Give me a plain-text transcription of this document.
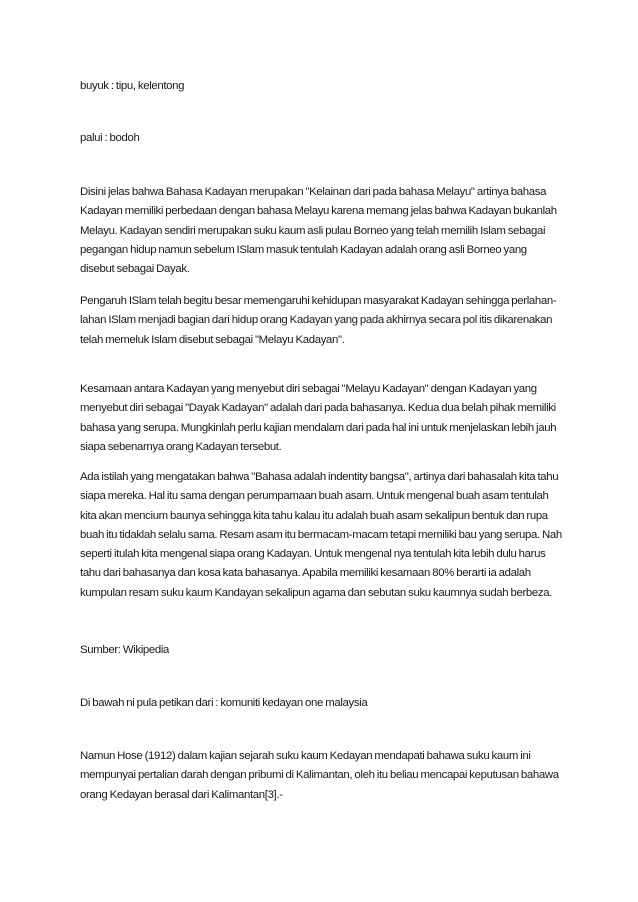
buyuk : tipu, kelentong

palui : bodoh

Disini jelas bahwa Bahasa Kadayan merupakan "Kelainan dari pada bahasa Melayu" artinya bahasa Kadayan memiliki perbedaan dengan bahasa Melayu karena memang jelas bahwa Kadayan bukanlah Melayu. Kadayan sendiri merupakan suku kaum asli pulau Borneo yang telah memilih Islam sebagai pegangan hidup namun sebelum ISlam masuk tentulah Kadayan adalah orang asli Borneo yang disebut sebagai Dayak.

Pengaruh ISlam telah begitu besar memengaruhi kehidupan masyarakat Kadayan sehingga perlahan-lahan ISlam menjadi bagian dari hidup orang Kadayan yang pada akhirnya secara pol itis dikarenakan telah memeluk Islam disebut sebagai "Melayu Kadayan".

Kesamaan antara Kadayan yang menyebut diri sebagai "Melayu Kadayan" dengan Kadayan yang menyebut diri sebagai "Dayak Kadayan" adalah dari pada bahasanya. Kedua dua belah pihak memiliki bahasa yang serupa. Mungkinlah perlu kajian mendalam dari pada hal ini untuk menjelaskan lebih jauh siapa sebenarnya orang Kadayan tersebut.

Ada istilah yang mengatakan bahwa "Bahasa adalah indentity bangsa", artinya dari bahasalah kita tahu siapa mereka. Hal itu sama dengan perumpamaan buah asam. Untuk mengenal buah asam tentulah kita akan mencium baunya sehingga kita tahu kalau itu adalah buah asam sekalipun bentuk dan rupa buah itu tidaklah selalu sama. Resam asam itu bermacam-macam tetapi memiliki bau yang serupa. Nah seperti itulah kita mengenal siapa orang Kadayan. Untuk mengenal nya tentulah kita lebih dulu harus tahu dari bahasanya dan kosa kata bahasanya. Apabila memiliki kesamaan 80% berarti ia adalah kumpulan resam suku kaum Kandayan sekalipun agama dan sebutan suku kaumnya sudah berbeza.

Sumber: Wikipedia

Di bawah ni pula petikan dari : komuniti kedayan one malaysia

Namun Hose (1912) dalam kajian sejarah suku kaum Kedayan mendapati bahawa suku kaum ini mempunyai pertalian darah dengan pribumi di Kalimantan, oleh itu beliau mencapai keputusan bahawa orang Kedayan berasal dari Kalimantan[3].-
